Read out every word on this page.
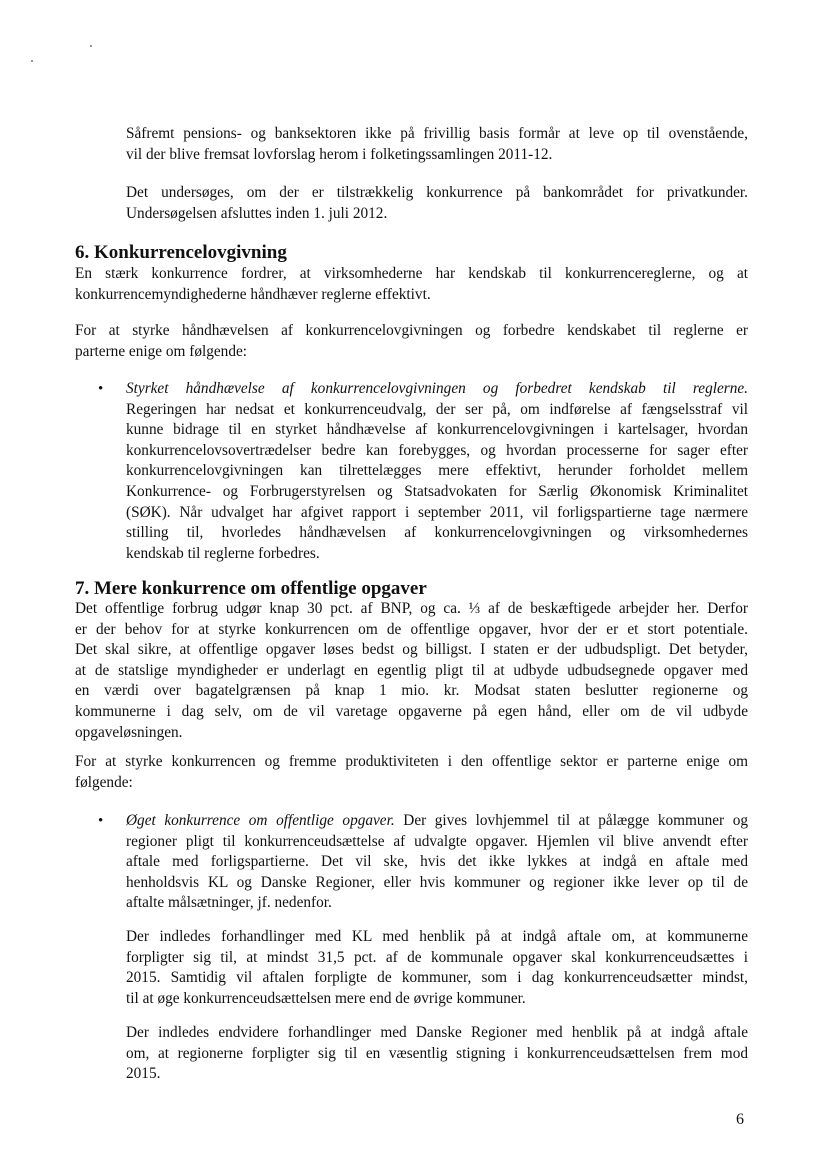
Såfremt pensions- og banksektoren ikke på frivillig basis formår at leve op til ovenstående,
vil der blive fremsat lovforslag herom i folketingssamlingen 2011-12.
Det undersøges, om der er tilstrækkelig konkurrence på bankområdet for privatkunder.
Undersøgelsen afsluttes inden 1. juli 2012.
6. Konkurrencelovgivning
En stærk konkurrence fordrer, at virksomhederne har kendskab til konkurrencereglerne, og at
konkurrencemyndighederne håndhæver reglerne effektivt.
For at styrke håndhævelsen af konkurrencelovgivningen og forbedre kendskabet til reglerne er
parterne enige om følgende:
• Styrket håndhævelse af konkurrencelovgivningen og forbedret kendskab til reglerne.
Regeringen har nedsat et konkurrenceudvalg, der ser på, om indførelse af fængselsstraf vil
kunne bidrage til en styrket håndhævelse af konkurrencelovgivningen i kartelsager, hvordan
konkurrencelovsovertrædelser bedre kan forebygges, og hvordan processerne for sager efter
konkurrencelovgivningen kan tilrettelægges mere effektivt, herunder forholdet mellem
Konkurrence- og Forbrugerstyrelsen og Statsadvokaten for Særlig Økonomisk Kriminalitet
(SØK). Når udvalget har afgivet rapport i september 2011, vil forligspartierne tage nærmere
stilling til, hvorledes håndhævelsen af konkurrencelovgivningen og virksomhedernes
kendskab til reglerne forbedres.
7. Mere konkurrence om offentlige opgaver
Det offentlige forbrug udgør knap 30 pct. af BNP, og ca. ⅓ af de beskæftigede arbejder her. Derfor
er der behov for at styrke konkurrencen om de offentlige opgaver, hvor der er et stort potentiale.
Det skal sikre, at offentlige opgaver løses bedst og billigst. I staten er der udbudspligt. Det betyder,
at de statslige myndigheder er underlagt en egentlig pligt til at udbyde udbudsegnede opgaver med
en værdi over bagatelgrænsen på knap 1 mio. kr. Modsat staten beslutter regionerne og
kommunerne i dag selv, om de vil varetage opgaverne på egen hånd, eller om de vil udbyde
opgaveløsningen.
For at styrke konkurrencen og fremme produktiviteten i den offentlige sektor er parterne enige om
følgende:
• Øget konkurrence om offentlige opgaver. Der gives lovhjemmel til at pålægge kommuner og
regioner pligt til konkurrenceudsættelse af udvalgte opgaver. Hjemlen vil blive anvendt efter
aftale med forligspartierne. Det vil ske, hvis det ikke lykkes at indgå en aftale med
henholdsvis KL og Danske Regioner, eller hvis kommuner og regioner ikke lever op til de
aftalte målsætninger, jf. nedenfor.
Der indledes forhandlinger med KL med henblik på at indgå aftale om, at kommunerne
forpligter sig til, at mindst 31,5 pct. af de kommunale opgaver skal konkurrenceudsættes i
2015. Samtidig vil aftalen forpligte de kommuner, som i dag konkurrenceudsætter mindst,
til at øge konkurrenceudsættelsen mere end de øvrige kommuner.
Der indledes endvidere forhandlinger med Danske Regioner med henblik på at indgå aftale
om, at regionerne forpligter sig til en væsentlig stigning i konkurrenceudsættelsen frem mod
2015.
6
